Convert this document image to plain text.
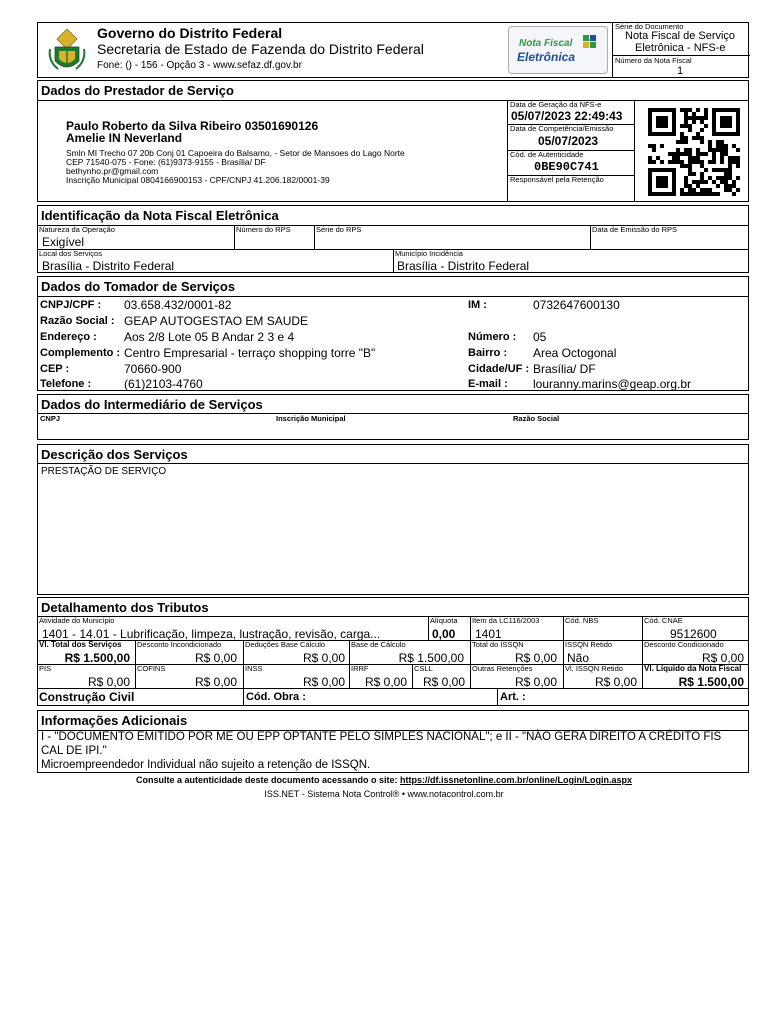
Governo do Distrito Federal
Secretaria de Estado de Fazenda do Distrito Federal
Fone: () - 156 - Opção 3 - www.sefaz.df.gov.br
Nota Fiscal
Eletrônica
Série do Documento
Nota Fiscal de Serviço
Eletrônica - NFS-e
Número da Nota Fiscal
1
Dados do Prestador de Serviço
Paulo Roberto da Silva Ribeiro 03501690126
Amelie IN Neverland
Smln MI Trecho 07 20b Conj 01 Capoeira do Balsamo, - Setor de Mansoes do Lago Norte
CEP 71540-075 - Fone: (61)9373-9155 - Brasília/ DF
bethynho.pr@gmail.com
Inscrição Municipal 0804166900153 - CPF/CNPJ 41.206.182/0001-39
Data de Geração da NFS-e
05/07/2023 22:49:43
Data de Competência/Emissão
05/07/2023
Cód. de Autenticidade
0BE90C741
Responsável pela Retenção
Identificação da Nota Fiscal Eletrônica
Natureza da Operação
Exigível
Número do RPS	Série do RPS	Data de Emissão do RPS
Local dos Serviços
Brasília - Distrito Federal
Município Incidência
Brasília - Distrito Federal
Dados do Tomador de Serviços
CNPJ/CPF : 03.658.432/0001-82
Razão Social : GEAP AUTOGESTAO EM SAUDE
Endereço : Aos 2/8 Lote 05 B Andar 2 3 e 4
Complemento : Centro Empresarial - terraço shopping torre "B"
CEP :	70660-900
Telefone :	(61)2103-4760
IM :	0732647600130
Número : 05
Bairro : Area Octogonal
Cidade/UF : Brasília/ DF
E-mail : louranny.marins@geap.org.br
Dados do Intermediário de Serviços
CNPJ	Inscrição Municipal	Razão Social
Descrição dos Serviços
PRESTAÇÃO DE SERVIÇO
Detalhamento dos Tributos
Atividade do Município
1401 - 14.01 - Lubrificação, limpeza, lustração, revisão, carga...
Alíquota
0,00
Item da LC116/2003
1401
Cód. NBS	Cód. CNAE
9512600
Vl. Total dos Serviços
R$ 1.500,00
Desconto Incondicionado
R$ 0,00
Deduções Base Cálculo
R$ 0,00
Base de Cálculo
R$ 1.500,00
Total do ISSQN
R$ 0,00
ISSQN Retido
Não
Desconto Condicionado
R$ 0,00
PIS
R$ 0,00
COFINS
R$ 0,00
INSS
R$ 0,00
IRRF
R$ 0,00
CSLL
R$ 0,00
Outras Retenções
R$ 0,00
Vl. ISSQN Retido
R$ 0,00
Vl. Líquido da Nota Fiscal
R$ 1.500,00
Construção Civil	Cód. Obra :	Art. :
Informações Adicionais
I - "DOCUMENTO EMITIDO POR ME OU EPP OPTANTE PELO SIMPLES NACIONAL"; e II - "NÃO GERA DIREITO A CRÉDITO FIS
CAL DE IPI."
Microempreendedor Individual não sujeito a retenção de ISSQN.
Consulte a autenticidade deste documento acessando o site: https://df.issnetonline.com.br/online/Login/Login.aspx
ISS.NET - Sistema Nota Control® • www.notacontrol.com.br
